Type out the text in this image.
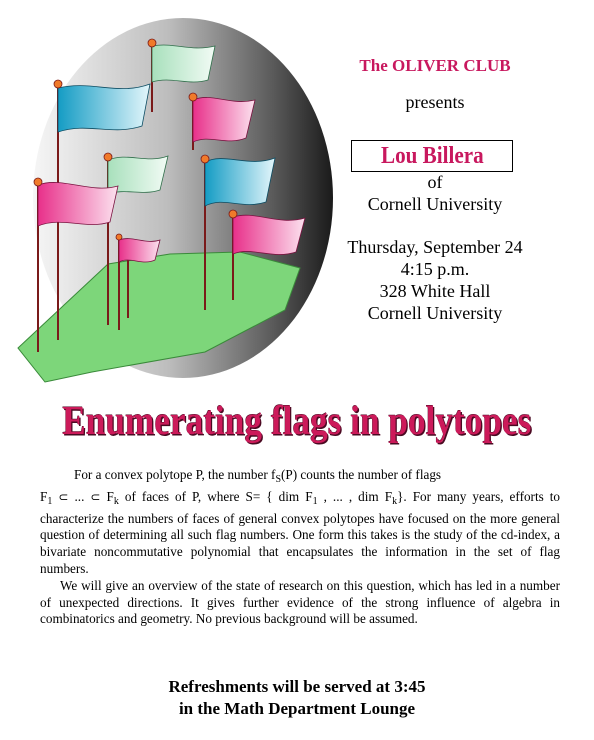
The OLIVER CLUB
presents
Lou Billera
of
Cornell University
Thursday, September 24
4:15 p.m.
328 White Hall
Cornell University
Enumerating flags in polytopes

For a convex polytope P, the number $f_S(P)$ counts the number of flags
$F_1$ ⊂ ... ⊂ $F_k$ of faces of P, where S= { dim $F_1$ , ... , dim $F_k$}. For many years, efforts to characterize the numbers of faces of general convex polytopes have focused on the more general question of determining all such flag numbers. One form this takes is the study of the cd-index, a bivariate noncommutative polynomial that encapsulates the information in the set of flag numbers.

We will give an overview of the state of research on this question, which has led in a number of unexpected directions. It gives further evidence of the strong influence of algebra in combinatorics and geometry. No previous background will be assumed.

Refreshments will be served at 3:45
in the Math Department Lounge
